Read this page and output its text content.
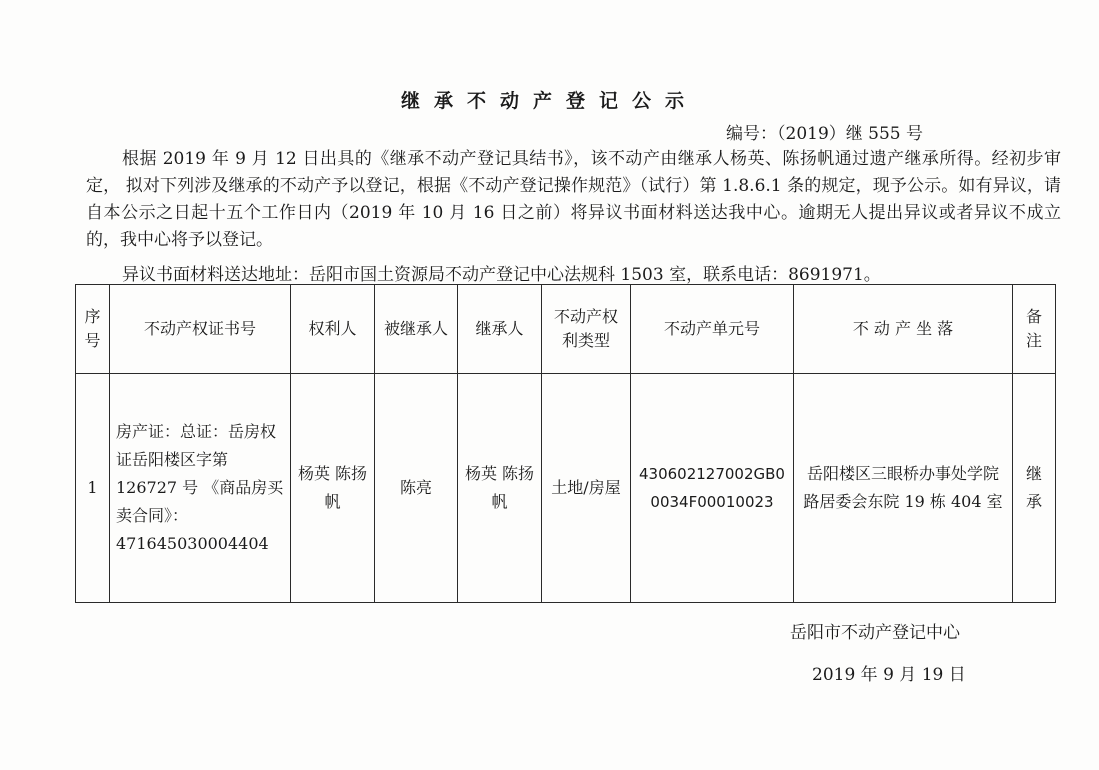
继承不动产登记公示
编号：（2019）继 555 号
根据 2019 年 9 月 12 日出具的《继承不动产登记具结书》，该不动产由继承人杨英、陈扬帆通过遗产继承所得。经初步审定， 拟对下列涉及继承的不动产予以登记，根据《不动产登记操作规范》（试行）第 1.8.6.1 条的规定，现予公示。如有异议，请自本公示之日起十五个工作日内（2019 年 10 月 16 日之前）将异议书面材料送达我中心。逾期无人提出异议或者异议不成立的，我中心将予以登记。
异议书面材料送达地址：岳阳市国土资源局不动产登记中心法规科 1503 室，联系电话：8691971。
序号	不动产权证书号	权利人	被继承人	继承人	不动产权利类型	不动产单元号	不 动 产 坐 落	备注
1	房产证：总证：岳房权证岳阳楼区字第 126727 号 《商品房买卖合同》：471645030004404	杨英 陈扬帆	陈亮	杨英 陈扬帆	土地/房屋	430602127002GB00034F00010023	岳阳楼区三眼桥办事处学院路居委会东院 19 栋 404 室	继承
岳阳市不动产登记中心
2019 年 9 月 19 日
